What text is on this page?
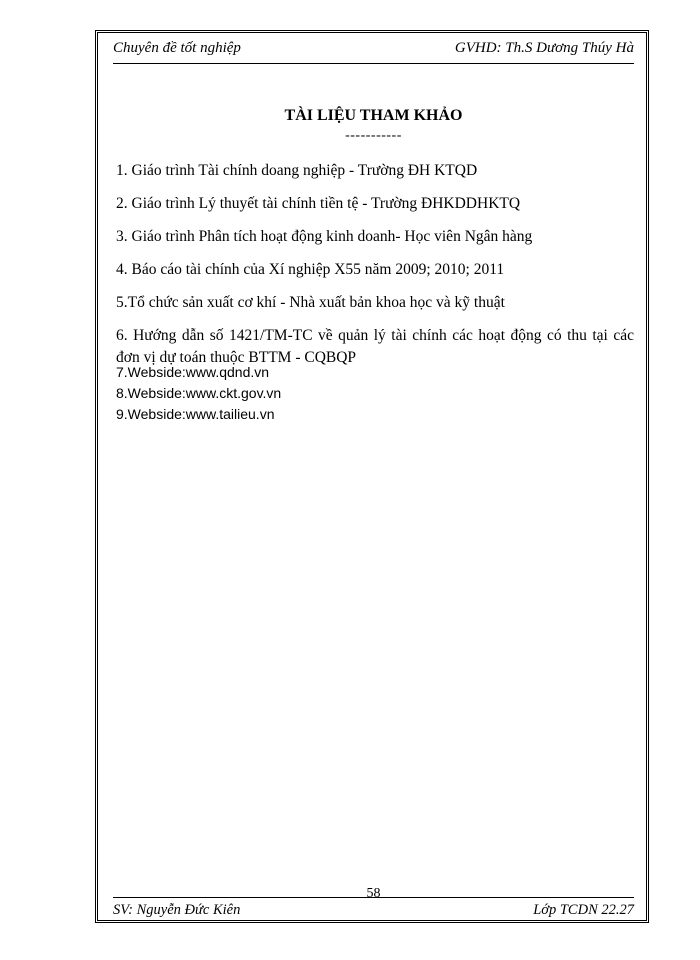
Chuyên đề tốt nghiệp	GVHD: Th.S Dương Thúy Hà
TÀI LIỆU THAM KHẢO
-----------
1. Giáo trình Tài chính doang nghiệp - Trường ĐH KTQD
2. Giáo trình Lý thuyết tài chính tiền tệ - Trường ĐHKDDHKTQ
3. Giáo trình Phân tích hoạt động kinh doanh- Học viên Ngân hàng
4. Báo cáo tài chính của Xí nghiệp X55 năm 2009; 2010; 2011
5.Tổ chức sản xuất cơ khí - Nhà xuất bản khoa học và kỹ thuật
6. Hướng dẫn số 1421/TM-TC về quản lý tài chính các hoạt động có thu tại các đơn vị dự toán thuộc BTTM - CQBQP
7.Webside:www.qdnd.vn
8.Webside:www.ckt.gov.vn
9.Webside:www.tailieu.vn
58
SV: Nguyễn Đức Kiên	Lớp TCDN 22.27
